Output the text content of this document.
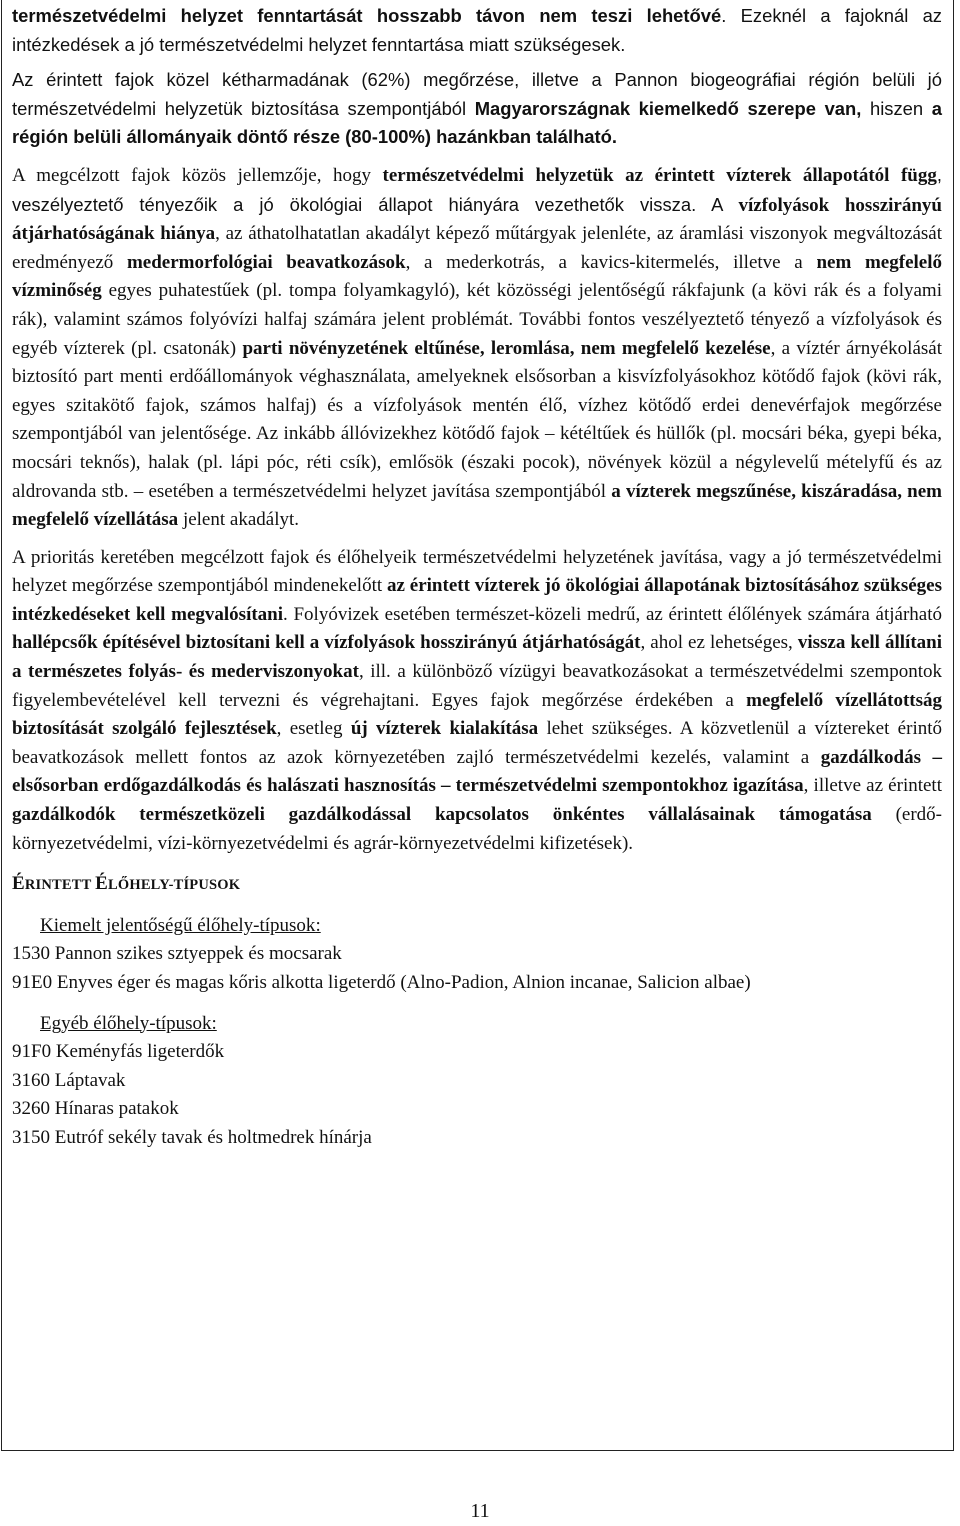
természetvédelmi helyzet fenntartását hosszabb távon nem teszi lehetővé. Ezeknél a fajoknál az intézkedések a jó természetvédelmi helyzet fenntartása miatt szükségesek.

Az érintett fajok közel kétharmadának (62%) megőrzése, illetve a Pannon biogeográfiai régión belüli jó természetvédelmi helyzetük biztosítása szempontjából Magyarországnak kiemelkedő szerepe van, hiszen a régión belüli állományaik döntő része (80-100%) hazánkban található.

A megcélzott fajok közös jellemzője, hogy természetvédelmi helyzetük az érintett vízterek állapotától függ, veszélyeztető tényezőik a jó ökológiai állapot hiányára vezethetők vissza. A vízfolyások hosszirányú átjárhatóságának hiánya, az áthatolhatatlan akadályt képező műtárgyak jelenléte, az áramlási viszonyok megváltozását eredményező medermorfológiai beavatkozások, a mederkotrás, a kavics-kitermelés, illetve a nem megfelelő vízminőség egyes puhatestűek (pl. tompa folyamkagyló), két közösségi jelentőségű rákfajunk (a kövi rák és a folyami rák), valamint számos folyóvízi halfaj számára jelent problémát. További fontos veszélyeztető tényező a vízfolyások és egyéb vízterek (pl. csatonák) parti növényzetének eltűnése, leromlása, nem megfelelő kezelése, a víztér árnyékolását biztosító part menti erdőállományok véghasználata, amelyeknek elsősorban a kisvízfolyásokhoz kötődő fajok (kövi rák, egyes szitakötő fajok, számos halfaj) és a vízfolyások mentén élő, vízhez kötődő erdei denevérfajok megőrzése szempontjából van jelentősége. Az inkább állóvizekhez kötődő fajok – kétéltűek és hüllők (pl. mocsári béka, gyepi béka, mocsári teknős), halak (pl. lápi póc, réti csík), emlősök (északi pocok), növények közül a négylevelű mételyfű és az aldrovanda stb. – esetében a természetvédelmi helyzet javítása szempontjából a vízterek megszűnése, kiszáradása, nem megfelelő vízellátása jelent akadályt.

A prioritás keretében megcélzott fajok és élőhelyeik természetvédelmi helyzetének javítása, vagy a jó természetvédelmi helyzet megőrzése szempontjából mindenekelőtt az érintett vízterek jó ökológiai állapotának biztosításához szükséges intézkedéseket kell megvalósítani. Folyóvizek esetében természet-közeli medrű, az érintett élőlények számára átjárható hallépcsők építésével biztosítani kell a vízfolyások hosszirányú átjárhatóságát, ahol ez lehetséges, vissza kell állítani a természetes folyás- és mederviszonyokat, ill. a különböző vízügyi beavatkozásokat a természetvédelmi szempontok figyelembevételével kell tervezni és végrehajtani. Egyes fajok megőrzése érdekében a megfelelő vízellátottság biztosítását szolgáló fejlesztések, esetleg új vízterek kialakítása lehet szükséges. A közvetlenül a víztereket érintő beavatkozások mellett fontos az azok környezetében zajló természetvédelmi kezelés, valamint a gazdálkodás – elsősorban erdőgazdálkodás és halászati hasznosítás – természetvédelmi szempontokhoz igazítása, illetve az érintett gazdálkodók természetközeli gazdálkodással kapcsolatos önkéntes vállalásainak támogatása (erdő-környezetvédelmi, vízi-környezetvédelmi és agrár-környezetvédelmi kifizetések).

ÉRINTETT ÉLŐHELY-TÍPUSOK

Kiemelt jelentőségű élőhely-típusok:

1530 Pannon szikes sztyeppek és mocsarak

91E0 Enyves éger és magas kőris alkotta ligeterdő (Alno-Padion, Alnion incanae, Salicion albae)

Egyéb élőhely-típusok:

91F0 Keményfás ligeterdők

3160 Láptavak

3260 Hínaras patakok

3150 Eutróf sekély tavak és holtmedrek hínárja

11
